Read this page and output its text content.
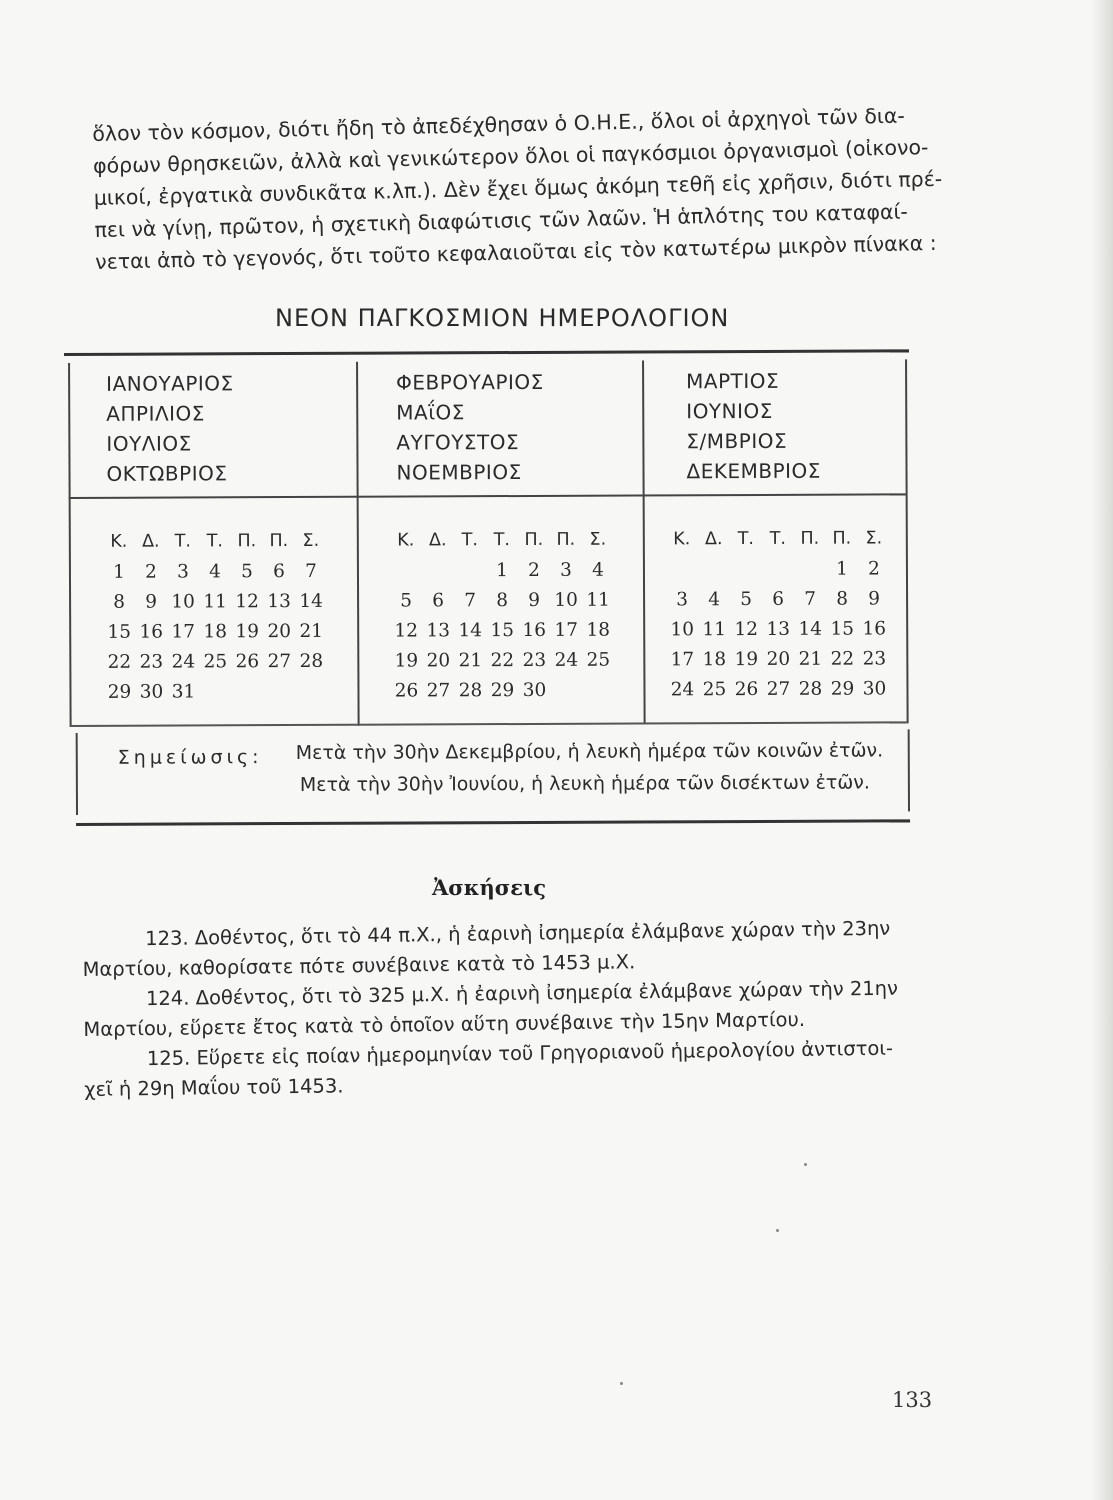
ὅλον τὸν κόσμον, διότι ἤδη τὸ ἀπεδέχθησαν ὁ Ο.Η.Ε., ὅλοι οἱ ἀρχηγοὶ τῶν δια-
φόρων θρησκειῶν, ἀλλὰ καὶ γενικώτερον ὅλοι οἱ παγκόσμιοι ὀργανισμοὶ (οἰκονο-
μικοί, ἐργατικὰ συνδικᾶτα κ.λπ.). Δὲν ἔχει ὅμως ἀκόμη τεθῆ εἰς χρῆσιν, διότι πρέ-
πει νὰ γίνῃ, πρῶτον, ἡ σχετικὴ διαφώτισις τῶν λαῶν. Ἡ ἁπλότης του καταφαί-
νεται ἀπὸ τὸ γεγονός, ὅτι τοῦτο κεφαλαιοῦται εἰς τὸν κατωτέρω μικρὸν πίνακα :
ΝΕΟΝ ΠΑΓΚΟΣΜΙΟΝ ΗΜΕΡΟΛΟΓΙΟΝ
ΙΑΝΟΥΑΡΙΟΣ
ΑΠΡΙΛΙΟΣ
ΙΟΥΛΙΟΣ
ΟΚΤΩΒΡΙΟΣ
ΦΕΒΡΟΥΑΡΙΟΣ
ΜΑΐΟΣ
ΑΥΓΟΥΣΤΟΣ
ΝΟΕΜΒΡΙΟΣ
ΜΑΡΤΙΟΣ
ΙΟΥΝΙΟΣ
Σ/ΜΒΡΙΟΣ
ΔΕΚΕΜΒΡΙΟΣ
Κ.	Δ.	Τ.	Τ.	Π.	Π.	Σ.
1	2	3	4	5	6	7
8	9	10	11	12	13	14
15	16	17	18	19	20	21
22	23	24	25	26	27	28
29	30	31				
Κ.	Δ.	Τ.	Τ.	Π.	Π.	Σ.
			1	2	3	4
5	6	7	8	9	10	11
12	13	14	15	16	17	18
19	20	21	22	23	24	25
26	27	28	29	30		
Κ.	Δ.	Τ.	Τ.	Π.	Π.	Σ.
					1	2
3	4	5	6	7	8	9
10	11	12	13	14	15	16
17	18	19	20	21	22	23
24	25	26	27	28	29	30
Σημείωσις: Μετὰ τὴν 30ὴν Δεκεμβρίου, ἡ λευκὴ ἡμέρα τῶν κοινῶν ἐτῶν.
Μετὰ τὴν 30ὴν Ἰουνίου, ἡ λευκὴ ἡμέρα τῶν δισέκτων ἐτῶν.
Ἀσκήσεις
123. Δοθέντος, ὅτι τὸ 44 π.Χ., ἡ ἐαρινὴ ἰσημερία ἐλάμβανε χώραν τὴν 23ην
Μαρτίου, καθορίσατε πότε συνέβαινε κατὰ τὸ 1453 μ.Χ.
124. Δοθέντος, ὅτι τὸ 325 μ.Χ. ἡ ἐαρινὴ ἰσημερία ἐλάμβανε χώραν τὴν 21ην
Μαρτίου, εὕρετε ἔτος κατὰ τὸ ὁποῖον αὕτη συνέβαινε τὴν 15ην Μαρτίου.
125. Εὕρετε εἰς ποίαν ἡμερομηνίαν τοῦ Γρηγοριανοῦ ἡμερολογίου ἀντιστοι-
χεῖ ἡ 29η Μαΐου τοῦ 1453.
133
